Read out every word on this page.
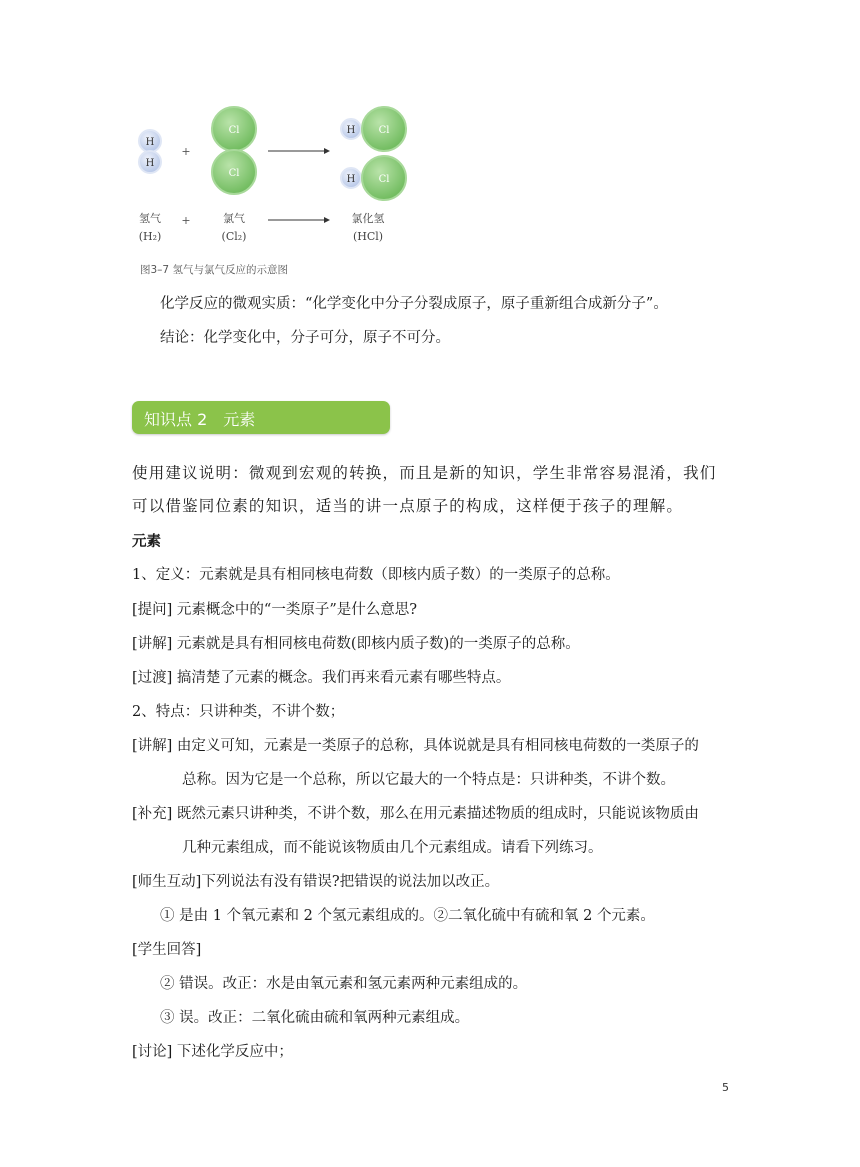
H
H
+
Cl
Cl
H Cl
H Cl
氢气
(H₂)
+	氯气
(Cl₂)
氯化氢
(HCl)
图3–7 氢气与氯气反应的示意图
化学反应的微观实质：“化学变化中分子分裂成原子，原子重新组合成新分子”。
结论：化学变化中，分子可分，原子不可分。
知识点 2　元素
使用建议说明：微观到宏观的转换，而且是新的知识，学生非常容易混淆，我们
可以借鉴同位素的知识，适当的讲一点原子的构成，这样便于孩子的理解。
元素
1、定义：元素就是具有相同核电荷数（即核内质子数）的一类原子的总称。
[提问] 元素概念中的“一类原子”是什么意思?
[讲解] 元素就是具有相同核电荷数(即核内质子数)的一类原子的总称。
[过渡] 搞清楚了元素的概念。我们再来看元素有哪些特点。
2、特点：只讲种类，不讲个数；
[讲解] 由定义可知，元素是一类原子的总称，具体说就是具有相同核电荷数的一类原子的
总称。因为它是一个总称，所以它最大的一个特点是：只讲种类，不讲个数。
[补充] 既然元素只讲种类，不讲个数，那么在用元素描述物质的组成时，只能说该物质由
几种元素组成，而不能说该物质由几个元素组成。请看下列练习。
[师生互动]下列说法有没有错误?把错误的说法加以改正。
① 是由 1 个氧元素和 2 个氢元素组成的。②二氧化硫中有硫和氧 2 个元素。
[学生回答]
② 错误。改正：水是由氧元素和氢元素两种元素组成的。
③ 误。改正：二氧化硫由硫和氧两种元素组成。
[讨论] 下述化学反应中；
5
